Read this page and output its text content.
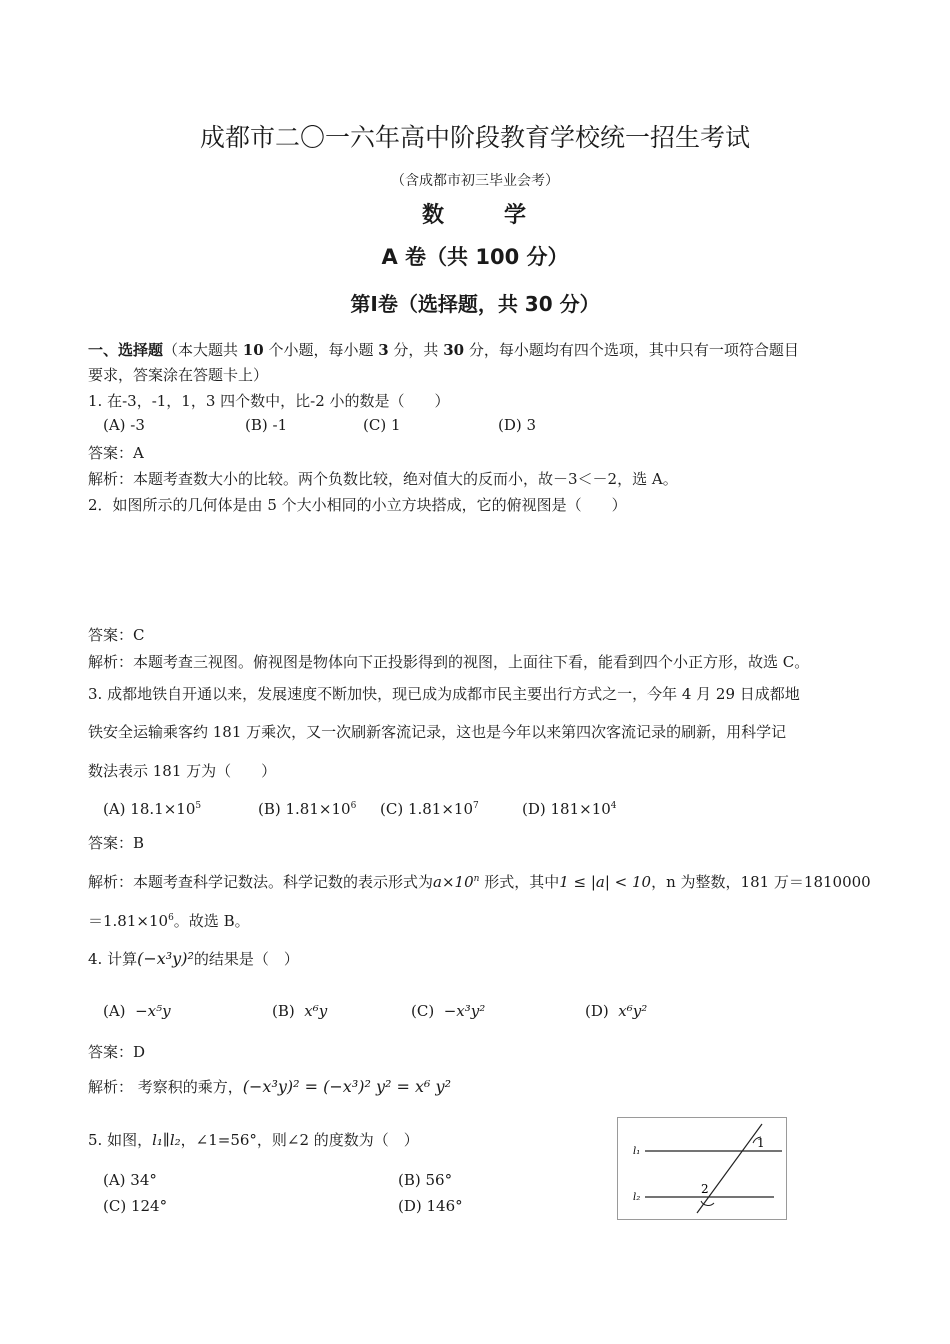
成都市二〇一六年高中阶段教育学校统一招生考试
（含成都市初三毕业会考）
数	学
A 卷（共 100 分）
第Ⅰ卷（选择题，共 30 分）
一、选择题（本大题共 10 个小题，每小题 3 分，共 30 分，每小题均有四个选项，其中只有一项符合题目
要求，答案涂在答题卡上）
1. 在-3，-1，1，3 四个数中，比-2 小的数是（　　）
(A) -3	(B) -1	(C) 1	(D) 3
答案：A
解析：本题考查数大小的比较。两个负数比较，绝对值大的反而小，故－3＜－2，选 A。
2．如图所示的几何体是由 5 个大小相同的小立方块搭成，它的俯视图是（　　）
答案：C
解析：本题考查三视图。俯视图是物体向下正投影得到的视图，上面往下看，能看到四个小正方形，故选 C。
3. 成都地铁自开通以来，发展速度不断加快，现已成为成都市民主要出行方式之一，今年 4 月 29 日成都地
铁安全运输乘客约 181 万乘次，又一次刷新客流记录，这也是今年以来第四次客流记录的刷新，用科学记
数法表示 181 万为（　　）
(A) $18.1\times 10^5$	(B) $1.81\times 10^6$ (C) $1.81\times 10^7$	(D) $181\times 10^4$
答案：B
解析：本题考查科学记数法。科学记数的表示形式为$a\times 10^n$ 形式，其中1 ≤ |a| < 10，n 为整数，181 万＝1810000
$=1.81\times 10^6$。故选 B。
4. 计算(−x³y)²的结果是（　）
(A) −x⁵y	(B) x⁶y	(C) −x³y²	(D) x⁶y²
答案：D
解析： 考察积的乘方，(−x³y)² = (−x³)² y² = x⁶ y²
5. 如图，l₁∥l₂，∠1=56°，则∠2 的度数为（　）
(A) 34°	(B) 56°
(C) 124°	(D) 146°
l₁
l₂
1
2
